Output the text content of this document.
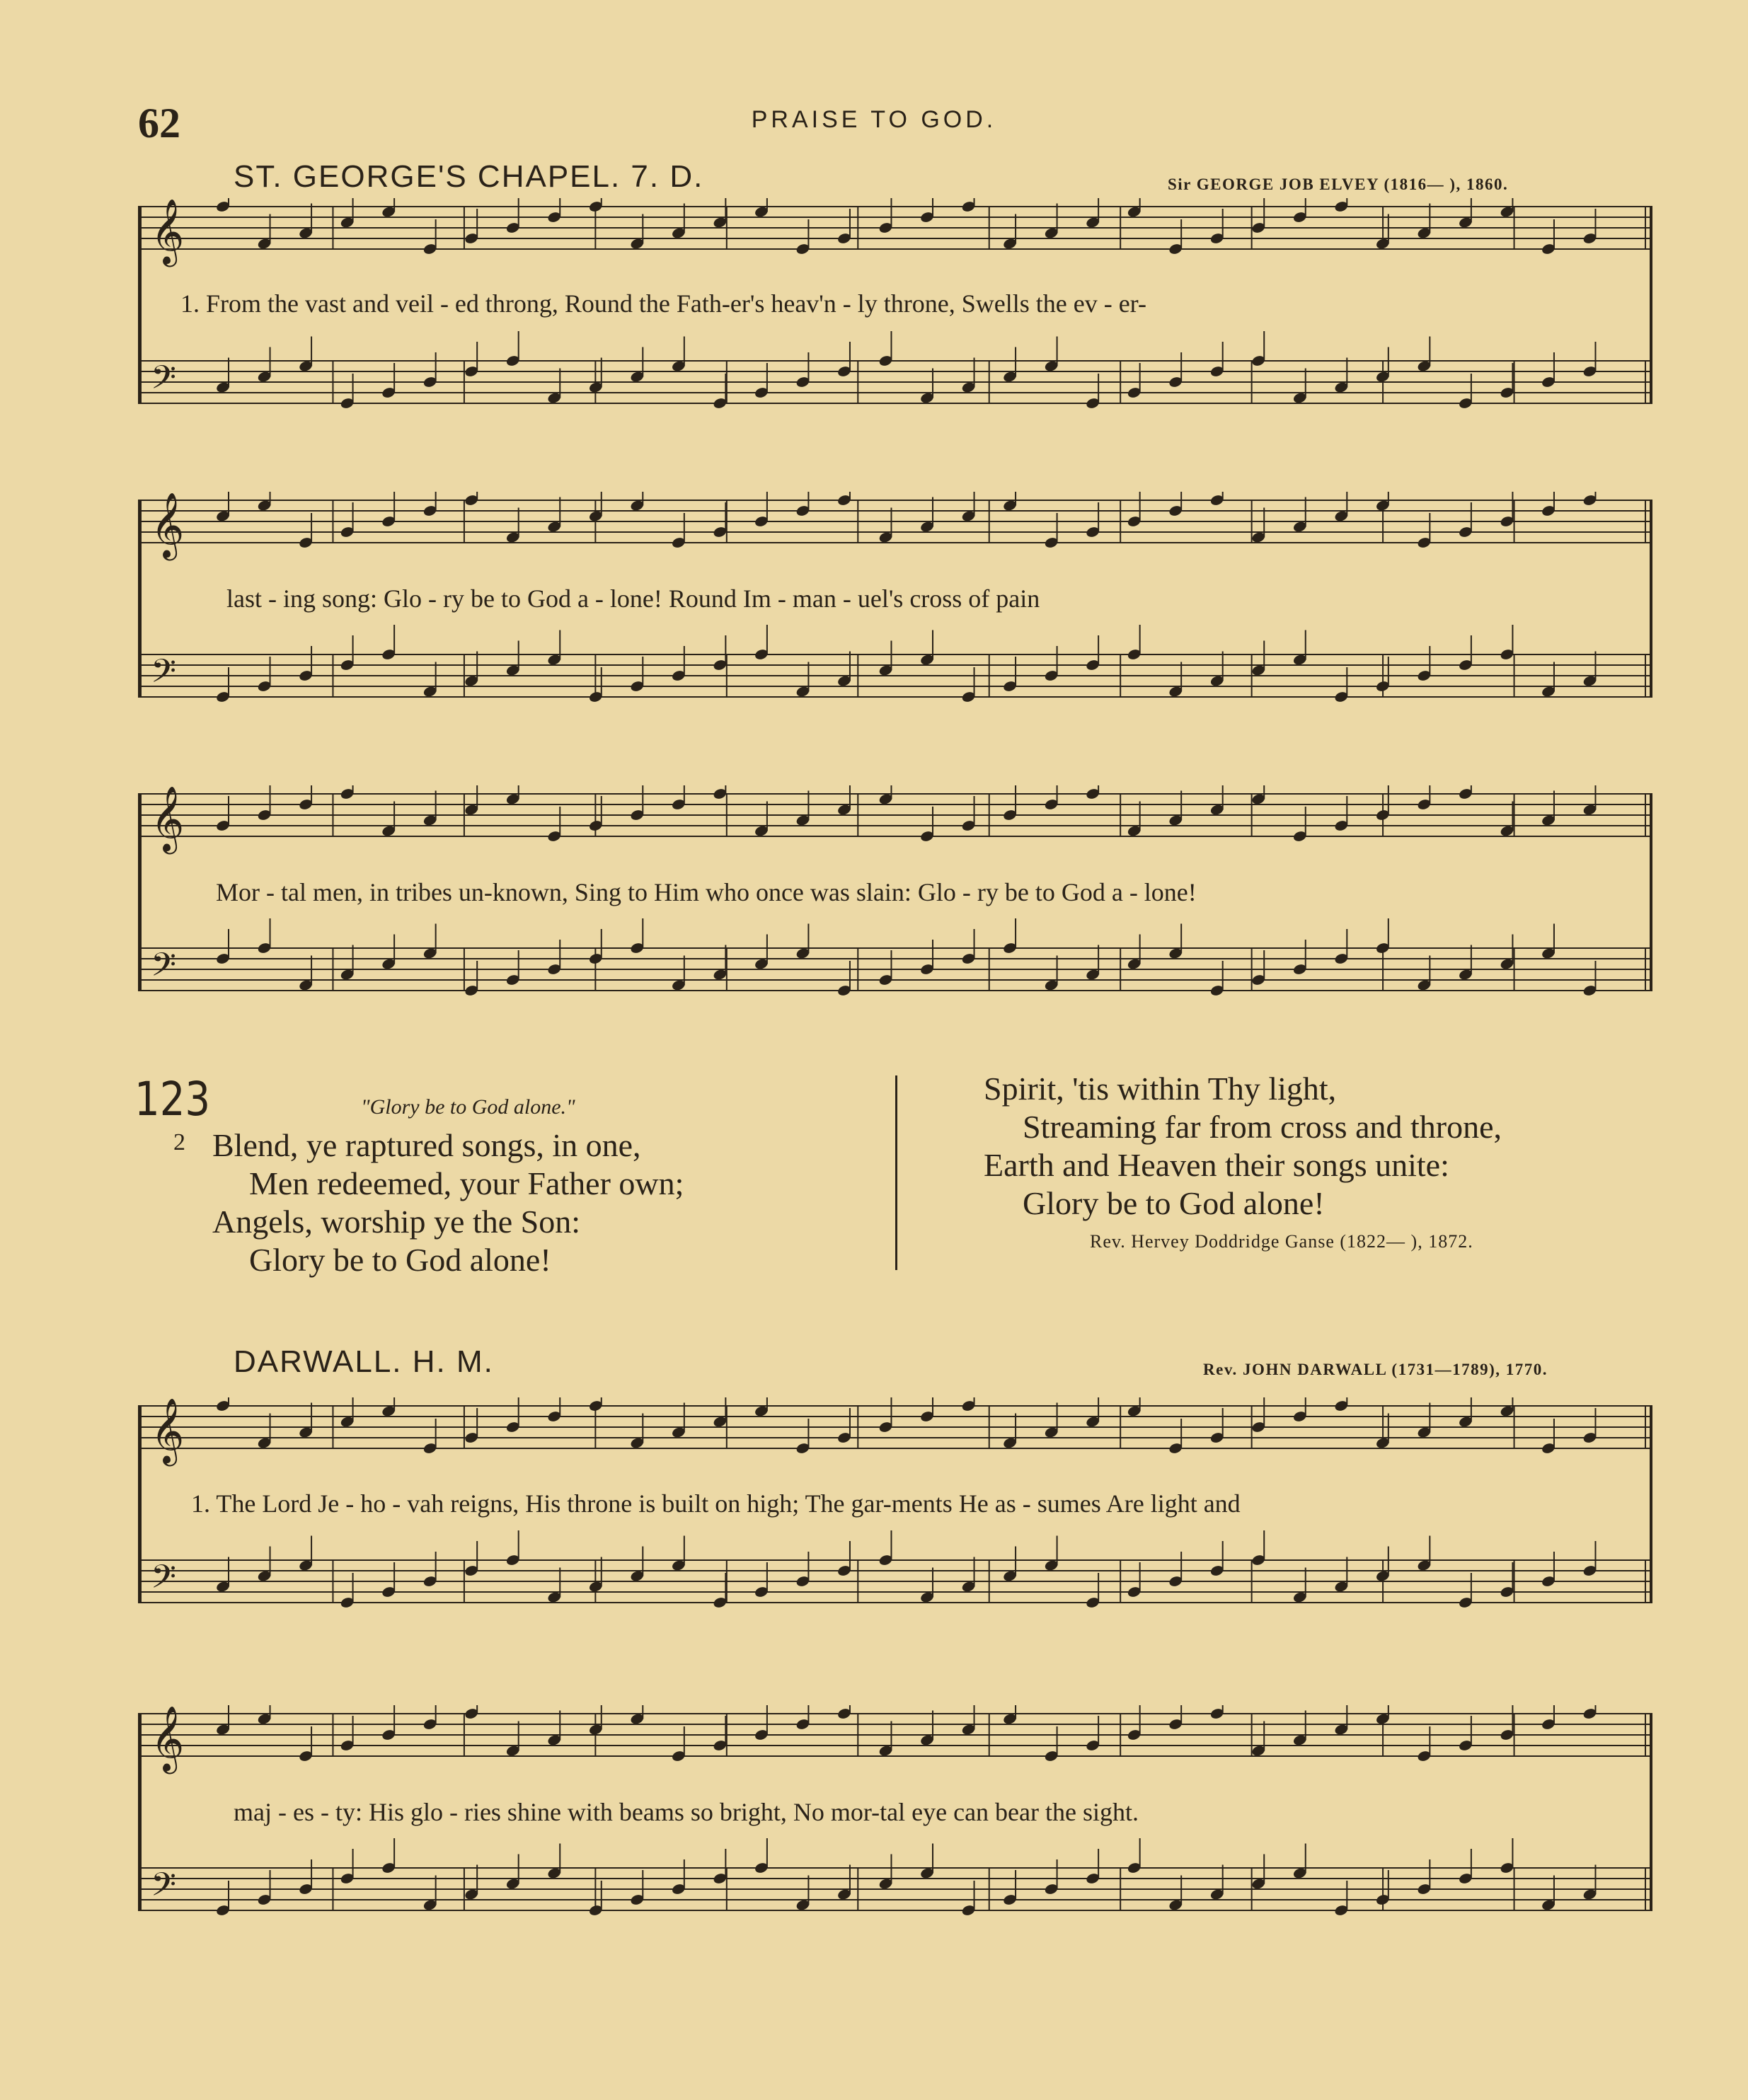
62	PRAISE TO GOD.
ST. GEORGE'S CHAPEL. 7. D.	Sir GEORGE JOB ELVEY (1816— ), 1860.
𝄞
𝄢
1. From the vast and veil - ed throng, Round the Fath-er's heav'n - ly throne, Swells the ev - er-
𝄞
𝄢
last - ing song: Glo - ry be to God a - lone! Round Im - man - uel's cross of pain
𝄞
𝄢
Mor - tal men, in tribes un-known, Sing to Him who once was slain: Glo - ry be to God a - lone!
123	"Glory be to God alone."
2 Blend, ye raptured songs, in one,
Men redeemed, your Father own;
Angels, worship ye the Son:
Glory be to God alone!
Spirit, 'tis within Thy light,
Streaming far from cross and throne,
Earth and Heaven their songs unite:
Glory be to God alone!
Rev. Hervey Doddridge Ganse (1822— ), 1872.
DARWALL. H. M.	Rev. JOHN DARWALL (1731—1789), 1770.
𝄞
𝄢
1. The Lord Je - ho - vah reigns, His throne is built on high; The gar-ments He as - sumes Are light and
𝄞
𝄢
maj - es - ty: His glo - ries shine with beams so bright, No mor-tal eye can bear the sight.
